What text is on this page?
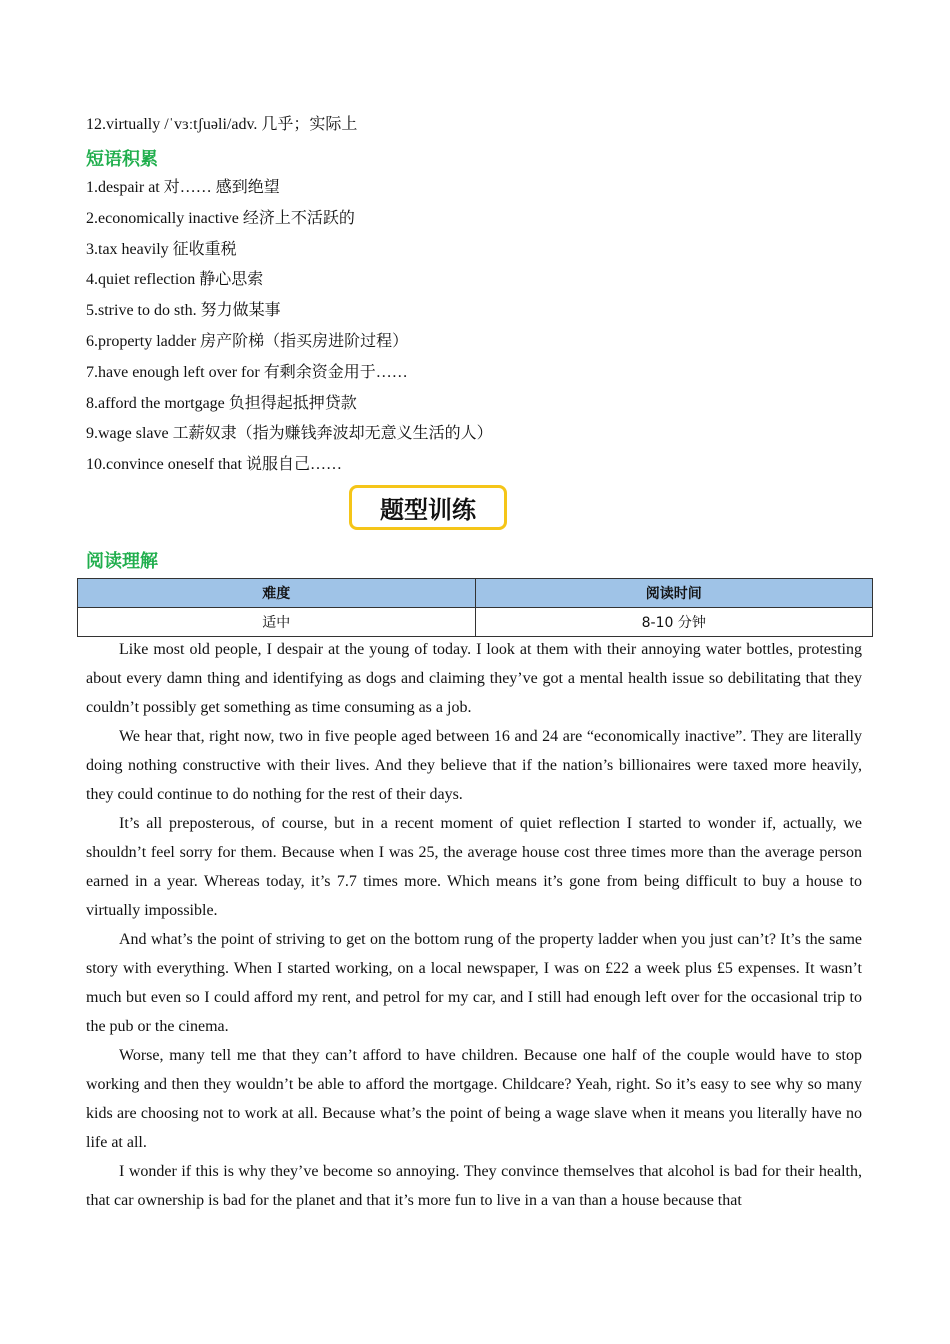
12.virtually /ˈvɜːtʃuəli/adv. 几乎；实际上
短语积累
1.despair at 对…… 感到绝望
2.economically inactive 经济上不活跃的
3.tax heavily 征收重税
4.quiet reflection 静心思索
5.strive to do sth. 努力做某事
6.property ladder 房产阶梯（指买房进阶过程）
7.have enough left over for 有剩余资金用于……
8.afford the mortgage 负担得起抵押贷款
9.wage slave 工薪奴隶（指为赚钱奔波却无意义生活的人）
10.convince oneself that 说服自己……
题型训练
阅读理解
难度	阅读时间
适中	8-10 分钟

Like most old people, I despair at the young of today. I look at them with their annoying water bottles, protesting about every damn thing and identifying as dogs and claiming they’ve got a mental health issue so debilitating that they couldn’t possibly get something as time consuming as a job.

We hear that, right now, two in five people aged between 16 and 24 are “economically inactive”. They are literally doing nothing constructive with their lives. And they believe that if the nation’s billionaires were taxed more heavily, they could continue to do nothing for the rest of their days.

It’s all preposterous, of course, but in a recent moment of quiet reflection I started to wonder if, actually, we shouldn’t feel sorry for them. Because when I was 25, the average house cost three times more than the average person earned in a year. Whereas today, it’s 7.7 times more. Which means it’s gone from being difficult to buy a house to virtually impossible.

And what’s the point of striving to get on the bottom rung of the property ladder when you just can’t? It’s the same story with everything. When I started working, on a local newspaper, I was on £22 a week plus £5 expenses. It wasn’t much but even so I could afford my rent, and petrol for my car, and I still had enough left over for the occasional trip to the pub or the cinema.

Worse, many tell me that they can’t afford to have children. Because one half of the couple would have to stop working and then they wouldn’t be able to afford the mortgage. Childcare? Yeah, right. So it’s easy to see why so many kids are choosing not to work at all. Because what’s the point of being a wage slave when it means you literally have no life at all.

I wonder if this is why they’ve become so annoying. They convince themselves that alcohol is bad for their health, that car ownership is bad for the planet and that it’s more fun to live in a van than a house because that
